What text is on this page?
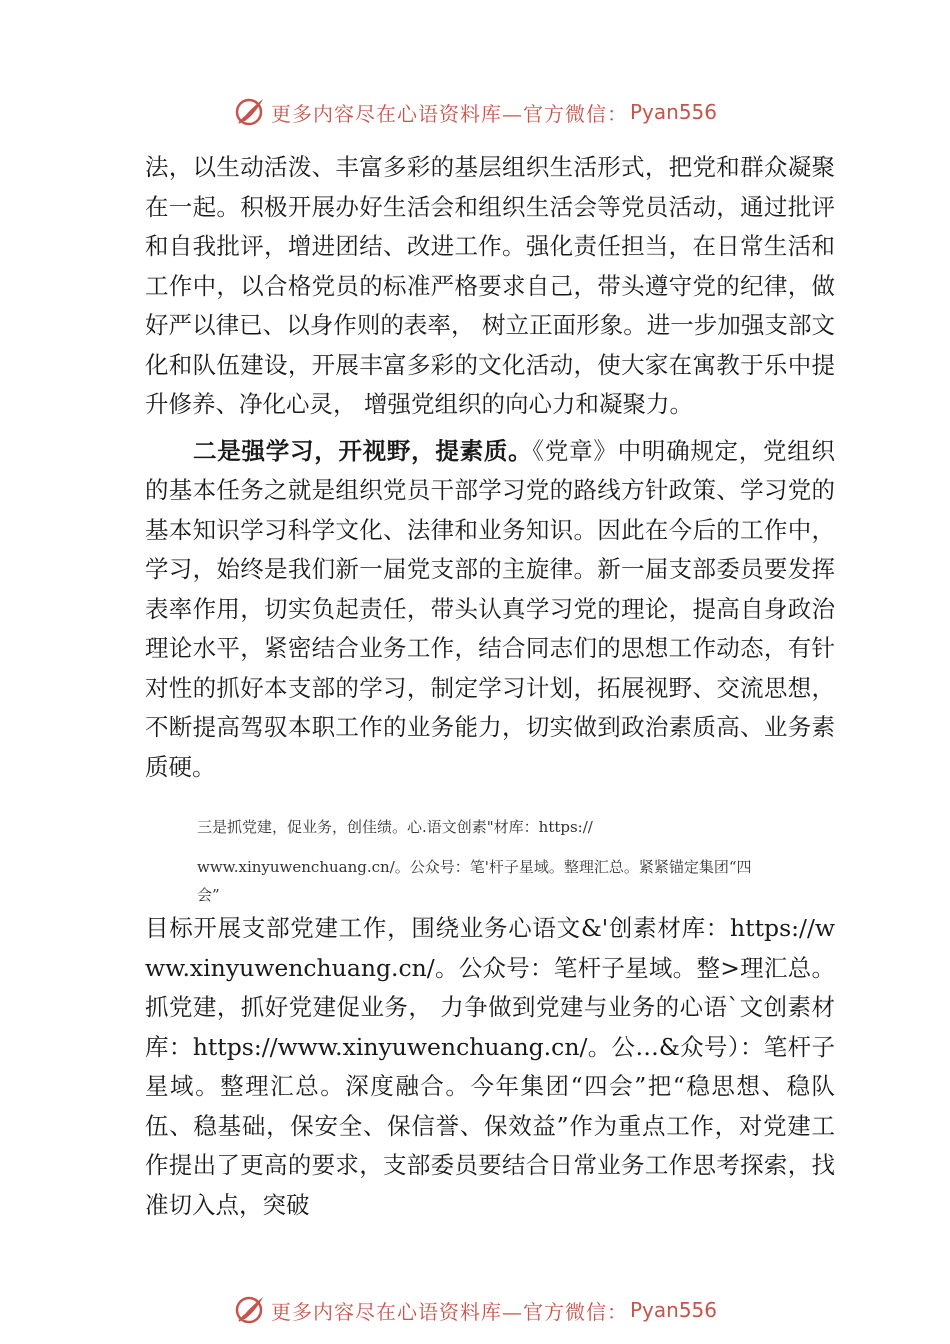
更多内容尽在心语资料库—官方微信： Pyan556

法，以生动活泼、丰富多彩的基层组织生活形式，把党和群众凝聚在一起。积极开展办好生活会和组织生活会等党员活动，通过批评和自我批评，增进团结、改进工作。强化责任担当，在日常生活和工作中，以合格党员的标准严格要求自己，带头遵守党的纪律，做好严以律已、以身作则的表率， 树立正面形象。进一步加强支部文化和队伍建设，开展丰富多彩的文化活动，使大家在寓教于乐中提升修养、净化心灵， 增强党组织的向心力和凝聚力。

二是强学习，开视野，提素质。《党章》中明确规定，党组织的基本任务之就是组织党员干部学习党的路线方针政策、学习党的基本知识学习科学文化、法律和业务知识。因此在今后的工作中，学习，始终是我们新一届党支部的主旋律。新一届支部委员要发挥表率作用，切实负起责任，带头认真学习党的理论，提高自身政治理论水平，紧密结合业务工作，结合同志们的思想工作动态，有针对性的抓好本支部的学习，制定学习计划，拓展视野、交流思想，不断提高驾驭本职工作的业务能力，切实做到政治素质高、业务素质硬。

三是抓党建，促业务，创佳绩。心.语文创素"材库：https://
www.xinyuwenchuang.cn/。公众号：笔'杆子星域。整理汇总。紧紧锚定集团“四
会”

目标开展支部党建工作，围绕业务心语文&'创素材库：https://www.xinyuwenchuang.cn/。公众号：笔杆子星域。整>理汇总。抓党建，抓好党建促业务， 力争做到党建与业务的心语`文创素材库：https://www.xinyuwenchuang.cn/。公…&众号）：笔杆子星域。整理汇总。深度融合。今年集团“四会”把“稳思想、稳队伍、稳基础，保安全、保信誉、保效益”作为重点工作，对党建工作提出了更高的要求，支部委员要结合日常业务工作思考探索，找准切入点，突破

更多内容尽在心语资料库—官方微信： Pyan556
